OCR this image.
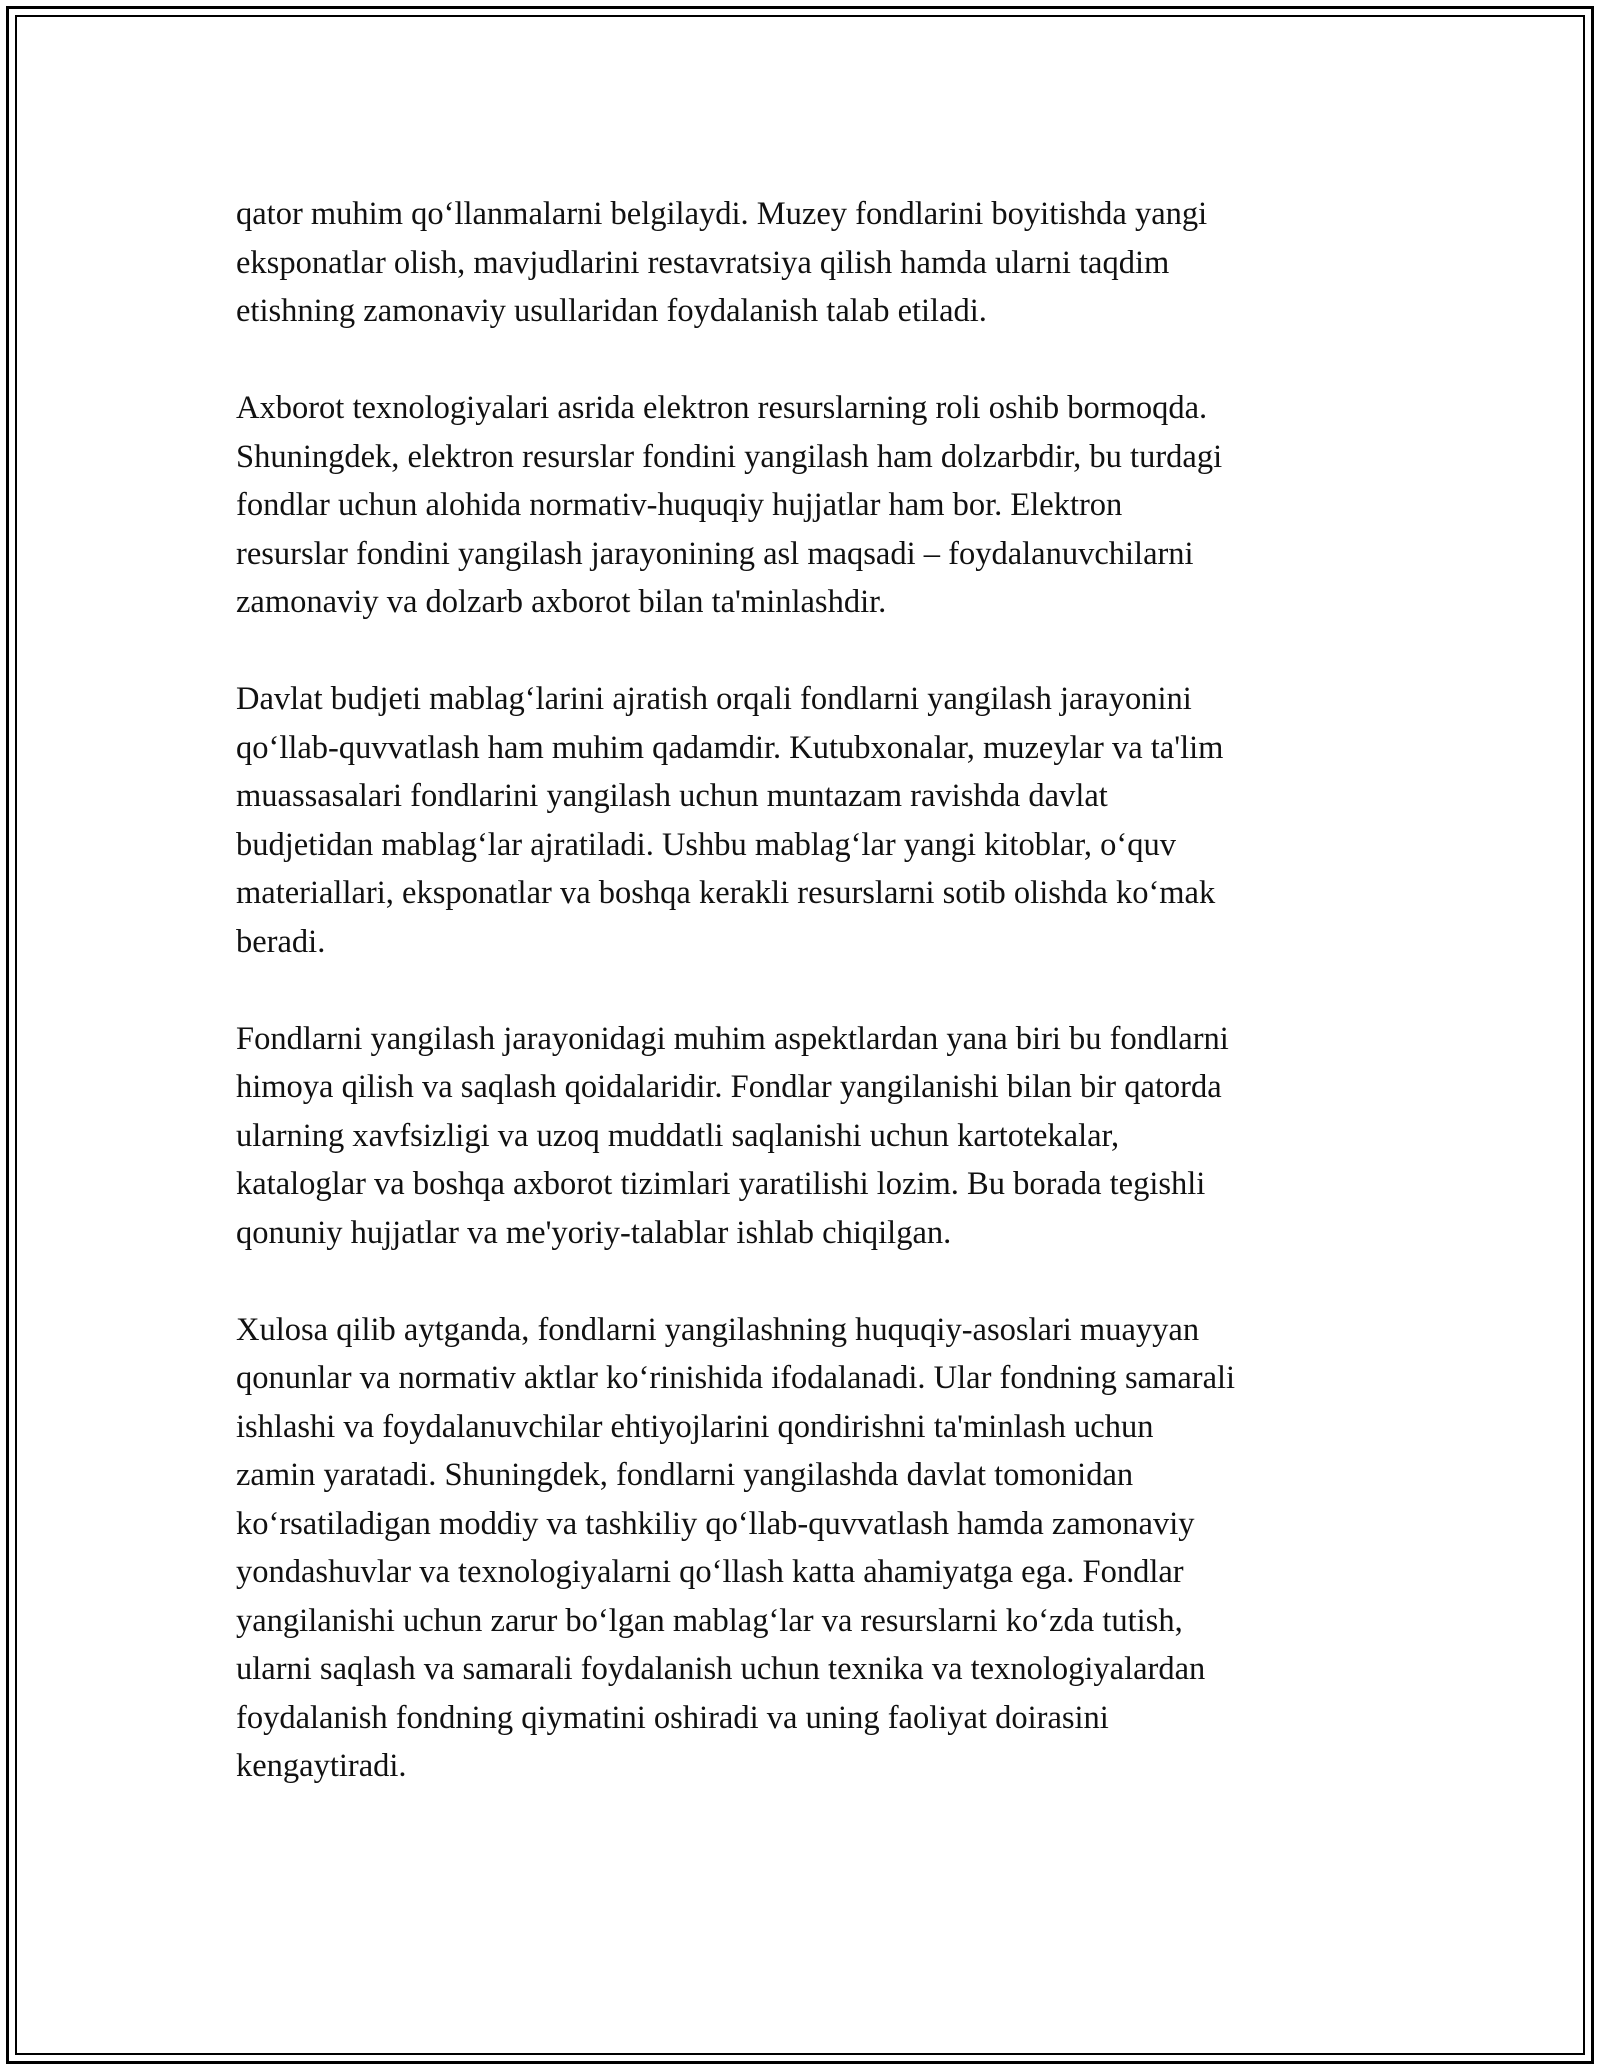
qator muhim qo‘llanmalarni belgilaydi. Muzey fondlarini boyitishda yangi
eksponatlar olish, mavjudlarini restavratsiya qilish hamda ularni taqdim
etishning zamonaviy usullaridan foydalanish talab etiladi.

Axborot texnologiyalari asrida elektron resurslarning roli oshib bormoqda.
Shuningdek, elektron resurslar fondini yangilash ham dolzarbdir, bu turdagi
fondlar uchun alohida normativ-huquqiy hujjatlar ham bor. Elektron
resurslar fondini yangilash jarayonining asl maqsadi – foydalanuvchilarni
zamonaviy va dolzarb axborot bilan ta'minlashdir.

Davlat budjeti mablag‘larini ajratish orqali fondlarni yangilash jarayonini
qo‘llab-quvvatlash ham muhim qadamdir. Kutubxonalar, muzeylar va ta'lim
muassasalari fondlarini yangilash uchun muntazam ravishda davlat
budjetidan mablag‘lar ajratiladi. Ushbu mablag‘lar yangi kitoblar, o‘quv
materiallari, eksponatlar va boshqa kerakli resurslarni sotib olishda ko‘mak
beradi.

Fondlarni yangilash jarayonidagi muhim aspektlardan yana biri bu fondlarni
himoya qilish va saqlash qoidalaridir. Fondlar yangilanishi bilan bir qatorda
ularning xavfsizligi va uzoq muddatli saqlanishi uchun kartotekalar,
kataloglar va boshqa axborot tizimlari yaratilishi lozim. Bu borada tegishli
qonuniy hujjatlar va me'yoriy-talablar ishlab chiqilgan.

Xulosa qilib aytganda, fondlarni yangilashning huquqiy-asoslari muayyan
qonunlar va normativ aktlar ko‘rinishida ifodalanadi. Ular fondning samarali
ishlashi va foydalanuvchilar ehtiyojlarini qondirishni ta'minlash uchun
zamin yaratadi. Shuningdek, fondlarni yangilashda davlat tomonidan
ko‘rsatiladigan moddiy va tashkiliy qo‘llab-quvvatlash hamda zamonaviy
yondashuvlar va texnologiyalarni qo‘llash katta ahamiyatga ega. Fondlar
yangilanishi uchun zarur bo‘lgan mablag‘lar va resurslarni ko‘zda tutish,
ularni saqlash va samarali foydalanish uchun texnika va texnologiyalardan
foydalanish fondning qiymatini oshiradi va uning faoliyat doirasini
kengaytiradi.
